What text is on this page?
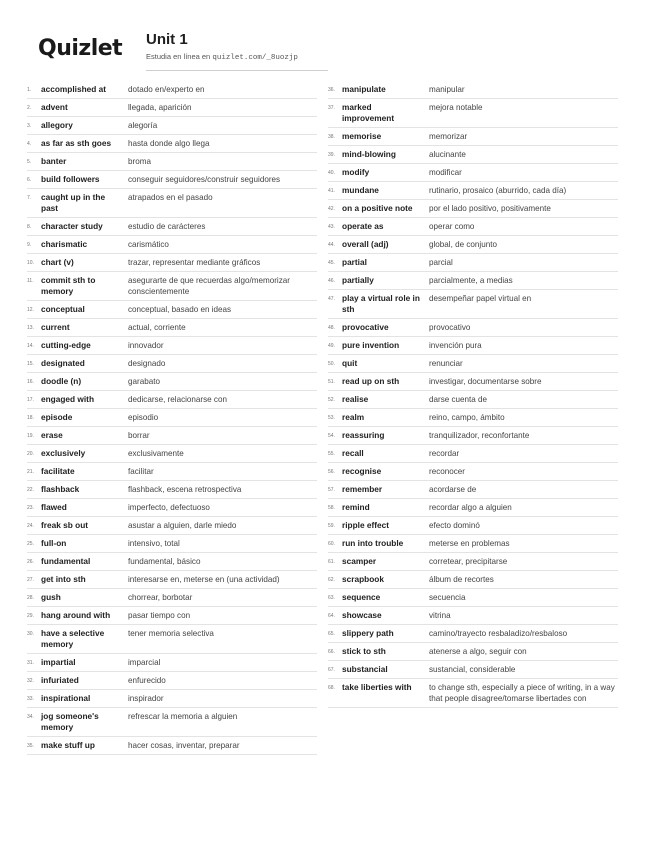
Quizlet Unit 1
Estudia en línea en quizlet.com/_8uozjp
1.	accomplished at	dotado en/experto en
2.	advent	llegada, aparición
3.	allegory	alegoría
4.	as far as sth goes	hasta donde algo llega
5.	banter	broma
6.	build followers	conseguir seguidores/construir seguidores
7.	caught up in the past
atrapados en el pasado
8.	character study	estudio de carácteres
9.	charismatic	carismático
10. chart (v)	trazar, representar mediante gráficos
11. commit sth to memory
asegurarte de que recuerdas algo/memorizar conscientemente
12. conceptual	conceptual, basado en ideas
13. current	actual, corriente
14. cutting-edge	innovador
15. designated	designado
16. doodle (n)	garabato
17. engaged with	dedicarse, relacionarse con
18. episode	episodio
19. erase	borrar
20. exclusively	exclusivamente
21. facilitate	facilitar
22. flashback	flashback, escena retrospectiva
23. flawed	imperfecto, defectuoso
24. freak sb out	asustar a alguien, darle miedo
25. full-on	intensivo, total
26. fundamental	fundamental, básico
27. get into sth	interesarse en, meterse en (una actividad)
28. gush	chorrear, borbotar
29. hang around with	pasar tiempo con
30. have a selective memory
tener memoria selectiva
31. impartial	imparcial
32. infuriated	enfurecido
33. inspirational	inspirador
34. jog someone's memory
refrescar la memoria a alguien
35. make stuff up	hacer cosas, inventar, preparar
36. manipulate	manipular
37. marked improvement
mejora notable
38. memorise	memorizar
39. mind-blowing	alucinante
40. modify	modificar
41. mundane	rutinario, prosaico (aburrido, cada día)
42. on a positive note	por el lado positivo, positivamente
43. operate as	operar como
44. overall (adj)	global, de conjunto
45. partial	parcial
46. partially	parcialmente, a medias
47. play a virtual role in sth
desempeñar papel virtual en
48. provocative	provocativo
49. pure invention	invención pura
50. quit	renunciar
51. read up on sth	investigar, documentarse sobre
52. realise	darse cuenta de
53. realm	reino, campo, ámbito
54. reassuring	tranquilizador, reconfortante
55. recall	recordar
56. recognise	reconocer
57. remember	acordarse de
58. remind	recordar algo a alguien
59. ripple effect	efecto dominó
60. run into trouble	meterse en problemas
61. scamper	corretear, precipitarse
62. scrapbook	álbum de recortes
63. sequence	secuencia
64. showcase	vitrina
65. slippery path	camino/trayecto resbaladizo/resbaloso
66. stick to sth	atenerse a algo, seguir con
67. substancial	sustancial, considerable
68. take liberties with	to change sth, especially a piece of writing, in a way that people disagree/tomarse libertades con
